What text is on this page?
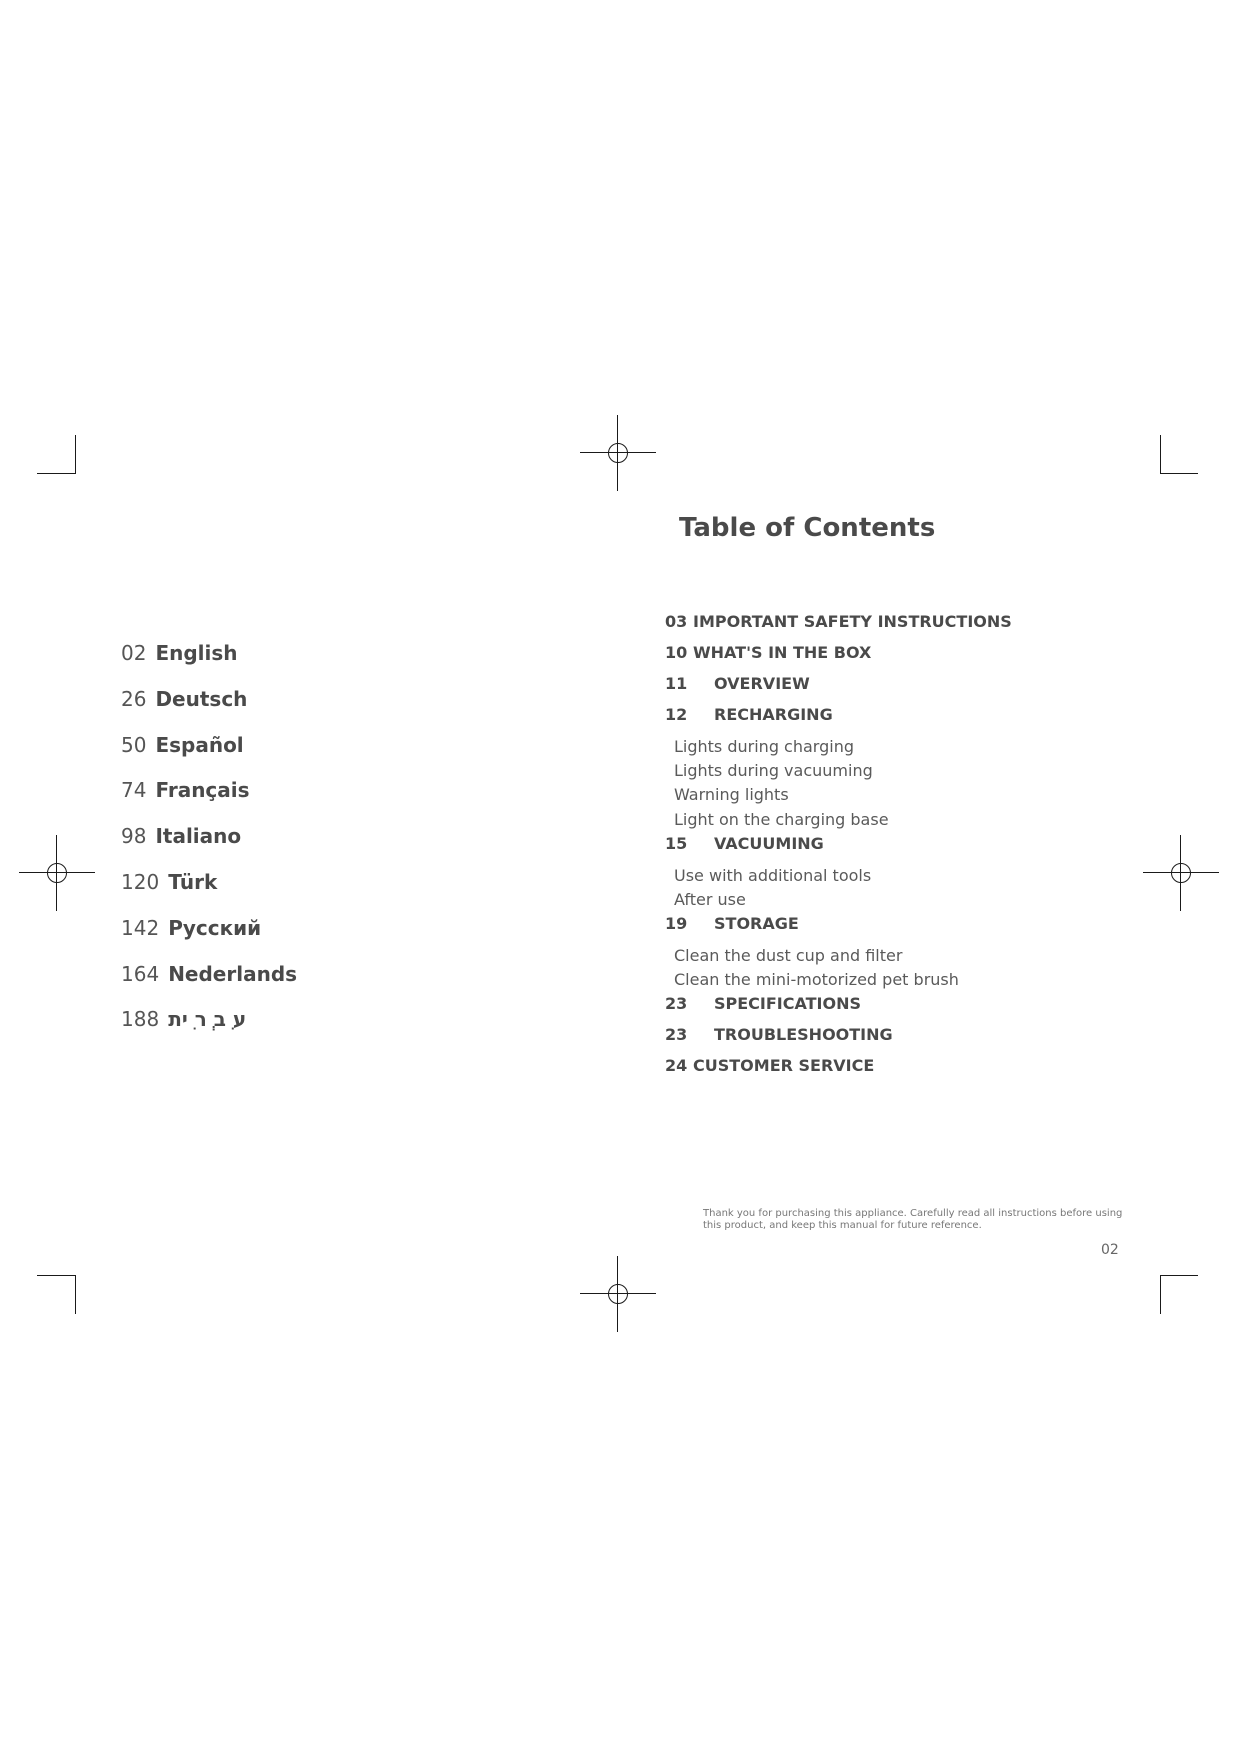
02 English
26 Deutsch
50 Español
74 Français
98 Italiano
120 Türk
142 Русский
164 Nederlands
188 ע ִב ְר ִית
Table of Contents
03 IMPORTANT SAFETY INSTRUCTIONS
10 WHAT'S IN THE BOX
11 OVERVIEW
12 RECHARGING
Lights during charging
Lights during vacuuming
Warning lights
Light on the charging base
15 VACUUMING
Use with additional tools
After use
19 STORAGE
Clean the dust cup and filter
Clean the mini-motorized pet brush
23 SPECIFICATIONS
23 TROUBLESHOOTING
24 CUSTOMER SERVICE
Thank you for purchasing this appliance. Carefully read all instructions before using
this product, and keep this manual for future reference.
02
